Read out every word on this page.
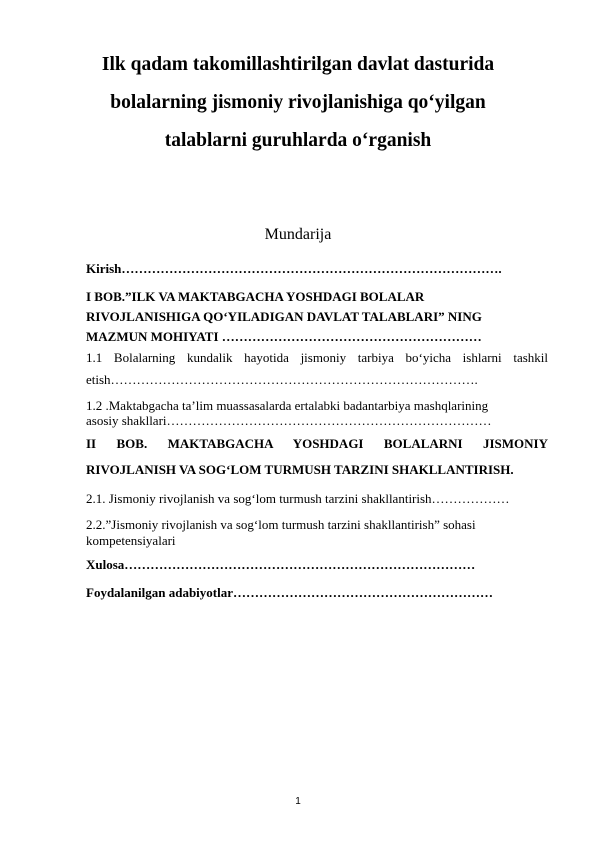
Ilk qadam takomillashtirilgan davlat dasturida
bolalarning jismoniy rivojlanishiga qo‘yilgan
talablarni guruhlarda o‘rganish
Mundarija
Kirish…………………………………………………………………………….
I BOB.”ILK VA MAKTABGACHA YOSHDAGI BOLALAR
RIVOJLANISHIGA QO‘YILADIGAN DAVLAT TALABLARI” NING
MAZMUN MOHIYATI ……………………………………………………
1.1 Bolalarning kundalik hayotida jismoniy tarbiya bo‘yicha ishlarni tashkil
etish………………………………………………………………………….
1.2 .Maktabgacha ta’lim muassasalarda ertalabki badantarbiya mashqlarining
asosiy shakllari…………………………………………………………………
II BOB. MAKTABGACHA YOSHDAGI BOLALARNI JISMONIY
RIVOJLANISH VA SOG‘LOM TURMUSH TARZINI SHAKLLANTIRISH.
2.1. Jismoniy rivojlanish va sog‘lom turmush tarzini shakllantirish………………
2.2.”Jismoniy rivojlanish va sog‘lom turmush tarzini shakllantirish” sohasi
kompetensiyalari
Xulosa………………………………………………………………………
Foydalanilgan adabiyotlar……………………………………………………
1
